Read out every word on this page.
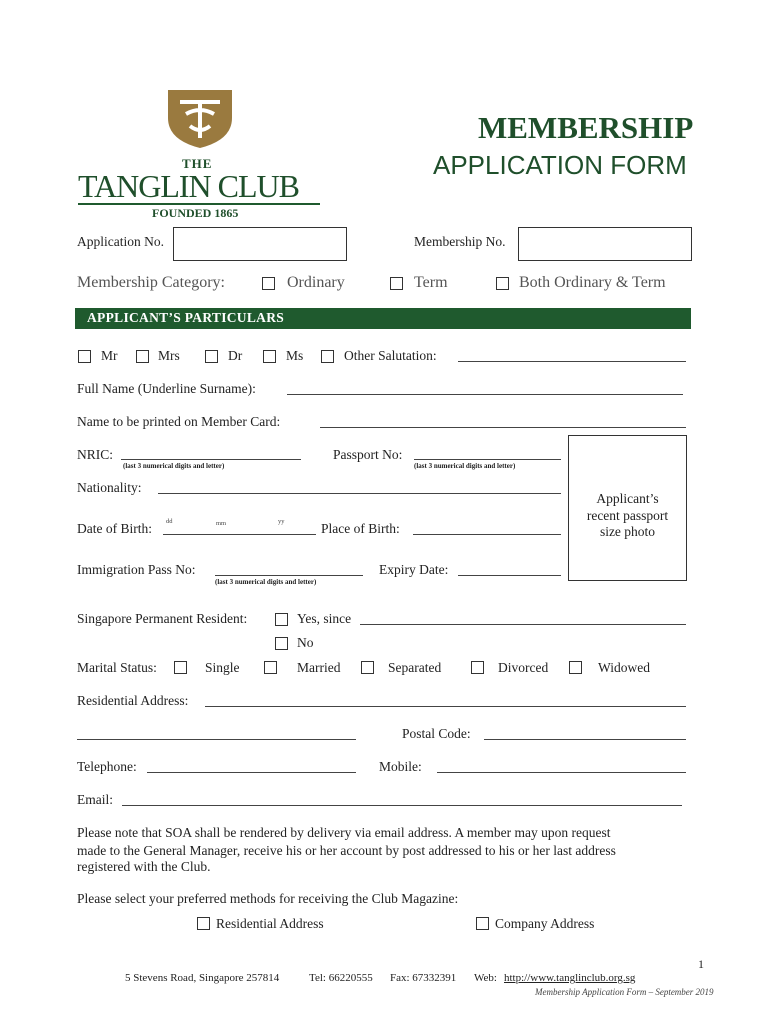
THE
TANGLIN CLUB
FOUNDED 1865
MEMBERSHIP
APPLICATION FORM
Application No.	Membership No.
Membership Category:	Ordinary	Term	Both Ordinary & Term
APPLICANT’S PARTICULARS
Mr	Mrs	Dr	Ms	Other Salutation:
Full Name (Underline Surname):
Name to be printed on Member Card:
NRIC:
(last 3 numerical digits and letter)
Passport No:
(last 3 numerical digits and letter)
Applicant’s
recent passport
size photo
Nationality:
Date of Birth: dd	mm	yy	Place of Birth:
Immigration Pass No:
(last 3 numerical digits and letter)
Expiry Date:
Singapore Permanent Resident:	Yes, since
No
Marital Status:	Single	Married	Separated	Divorced	Widowed
Residential Address:
Postal Code:
Telephone:	Mobile:
Email:
Please note that SOA shall be rendered by delivery via email address. A member may upon request
made to the General Manager, receive his or her account by post addressed to his or her last address
registered with the Club.
Please select your preferred methods for receiving the Club Magazine:
Residential Address	Company Address
1
5 Stevens Road, Singapore 257814	Tel: 66220555 Fax: 67332391 Web: http://www.tanglinclub.org.sg
Membership Application Form – September 2019
